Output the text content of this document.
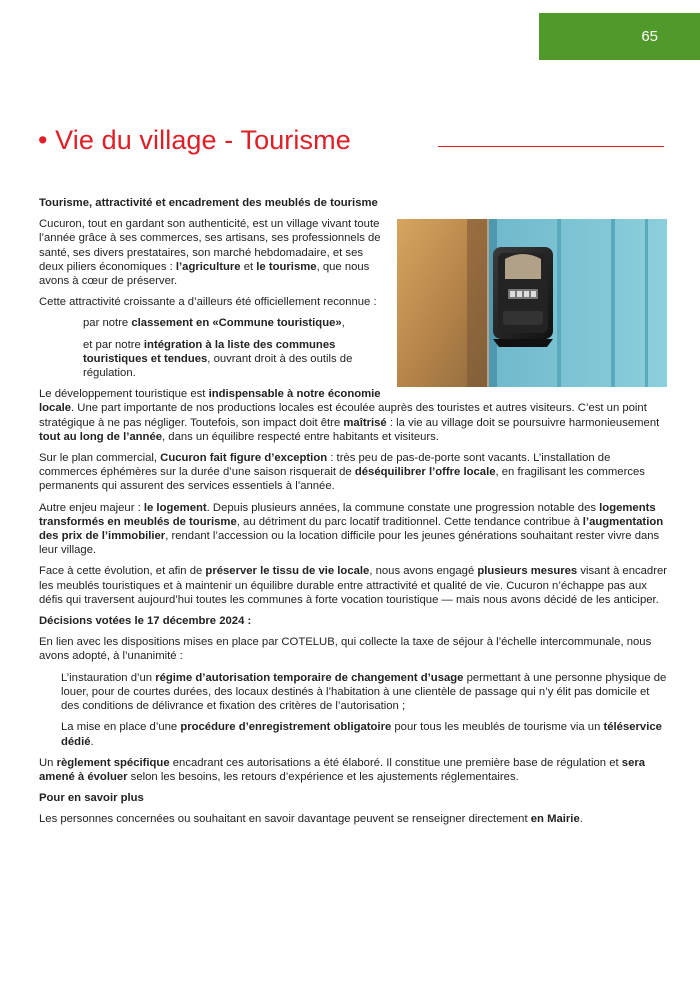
65
• Vie du village - Tourisme

Tourisme, attractivité et encadrement des meublés de tourisme

Cucuron, tout en gardant son authenticité, est un village vivant toute l’année grâce à ses commerces, ses artisans, ses professionnels de santé, ses divers prestataires, son marché hebdomadaire, et ses deux piliers économiques : l’agriculture et le tourisme, que nous avons à cœur de préserver.

Cette attractivité croissante a d’ailleurs été officiellement reconnue :

par notre classement en «Commune touristique»,

et par notre intégration à la liste des communes touristiques et tendues, ouvrant droit à des outils de régulation.

Le développement touristique est indispensable à notre économie locale. Une part importante de nos productions locales est écoulée auprès des touristes et autres visiteurs. C’est un point stratégique à ne pas négliger. Toutefois, son impact doit être maîtrisé : la vie au village doit se poursuivre harmonieusement tout au long de l’année, dans un équilibre respecté entre habitants et visiteurs.

Sur le plan commercial, Cucuron fait figure d’exception : très peu de pas-de-porte sont vacants. L’installation de commerces éphémères sur la durée d’une saison risquerait de déséquilibrer l’offre locale, en fragilisant les commerces permanents qui assurent des services essentiels à l’année.

Autre enjeu majeur : le logement. Depuis plusieurs années, la commune constate une progression notable des logements transformés en meublés de tourisme, au détriment du parc locatif traditionnel. Cette tendance contribue à l’augmentation des prix de l’immobilier, rendant l’accession ou la location difficile pour les jeunes générations souhaitant rester vivre dans leur village.

Face à cette évolution, et afin de préserver le tissu de vie locale, nous avons engagé plusieurs mesures visant à encadrer les meublés touristiques et à maintenir un équilibre durable entre attractivité et qualité de vie. Cucuron n’échappe pas aux défis qui traversent aujourd’hui toutes les communes à forte vocation touristique — mais nous avons décidé de les anticiper.

Décisions votées le 17 décembre 2024 :

En lien avec les dispositions mises en place par COTELUB, qui collecte la taxe de séjour à l’échelle intercommunale, nous avons adopté, à l’unanimité :

L’instauration d’un régime d’autorisation temporaire de changement d’usage permettant à une personne physique de louer, pour de courtes durées, des locaux destinés à l’habitation à une clientèle de passage qui n’y élit pas domicile et des conditions de délivrance et fixation des critères de l’autorisation ;

La mise en place d’une procédure d’enregistrement obligatoire pour tous les meublés de tourisme via un téléservice dédié.

Un règlement spécifique encadrant ces autorisations a été élaboré. Il constitue une première base de régulation et sera amené à évoluer selon les besoins, les retours d’expérience et les ajustements réglementaires.

Pour en savoir plus

Les personnes concernées ou souhaitant en savoir davantage peuvent se renseigner directement en Mairie.
